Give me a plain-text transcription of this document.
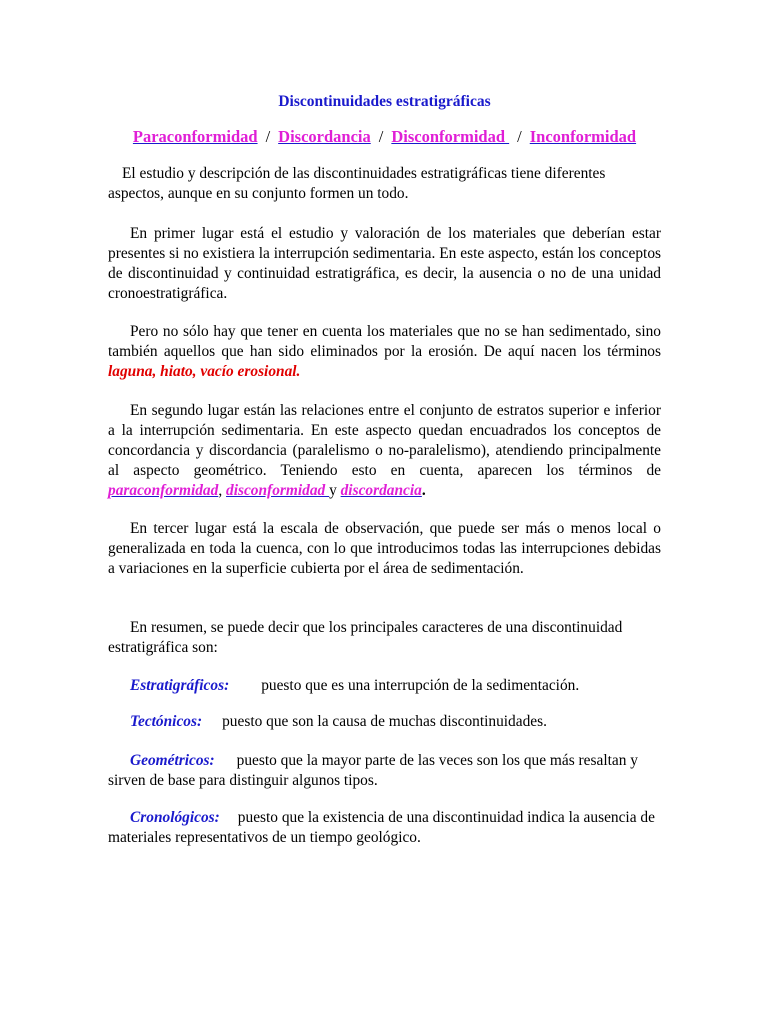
Discontinuidades estratigráficas
Paraconformidad / Discordancia / Disconformidad / Inconformidad

El estudio y descripción de las discontinuidades estratigráficas tiene diferentes aspectos, aunque en su conjunto formen un todo.

En primer lugar está el estudio y valoración de los materiales que deberían estar presentes si no existiera la interrupción sedimentaria. En este aspecto, están los conceptos de discontinuidad y continuidad estratigráfica, es decir, la ausencia o no de una unidad cronoestratigráfica.

Pero no sólo hay que tener en cuenta los materiales que no se han sedimentado, sino también aquellos que han sido eliminados por la erosión. De aquí nacen los términos laguna, hiato, vacío erosional.

En segundo lugar están las relaciones entre el conjunto de estratos superior e inferior a la interrupción sedimentaria. En este aspecto quedan encuadrados los conceptos de concordancia y discordancia (paralelismo o no-paralelismo), atendiendo principalmente al aspecto geométrico. Teniendo esto en cuenta, aparecen los términos de paraconformidad, disconformidad y discordancia.

En tercer lugar está la escala de observación, que puede ser más o menos local o generalizada en toda la cuenca, con lo que introducimos todas las interrupciones debidas a variaciones en la superficie cubierta por el área de sedimentación.

En resumen, se puede decir que los principales caracteres de una discontinuidad estratigráfica son:

Estratigráficos: puesto que es una interrupción de la sedimentación.

Tectónicos: puesto que son la causa de muchas discontinuidades.

Geométricos: puesto que la mayor parte de las veces son los que más resaltan y sirven de base para distinguir algunos tipos.

Cronológicos: puesto que la existencia de una discontinuidad indica la ausencia de materiales representativos de un tiempo geológico.
